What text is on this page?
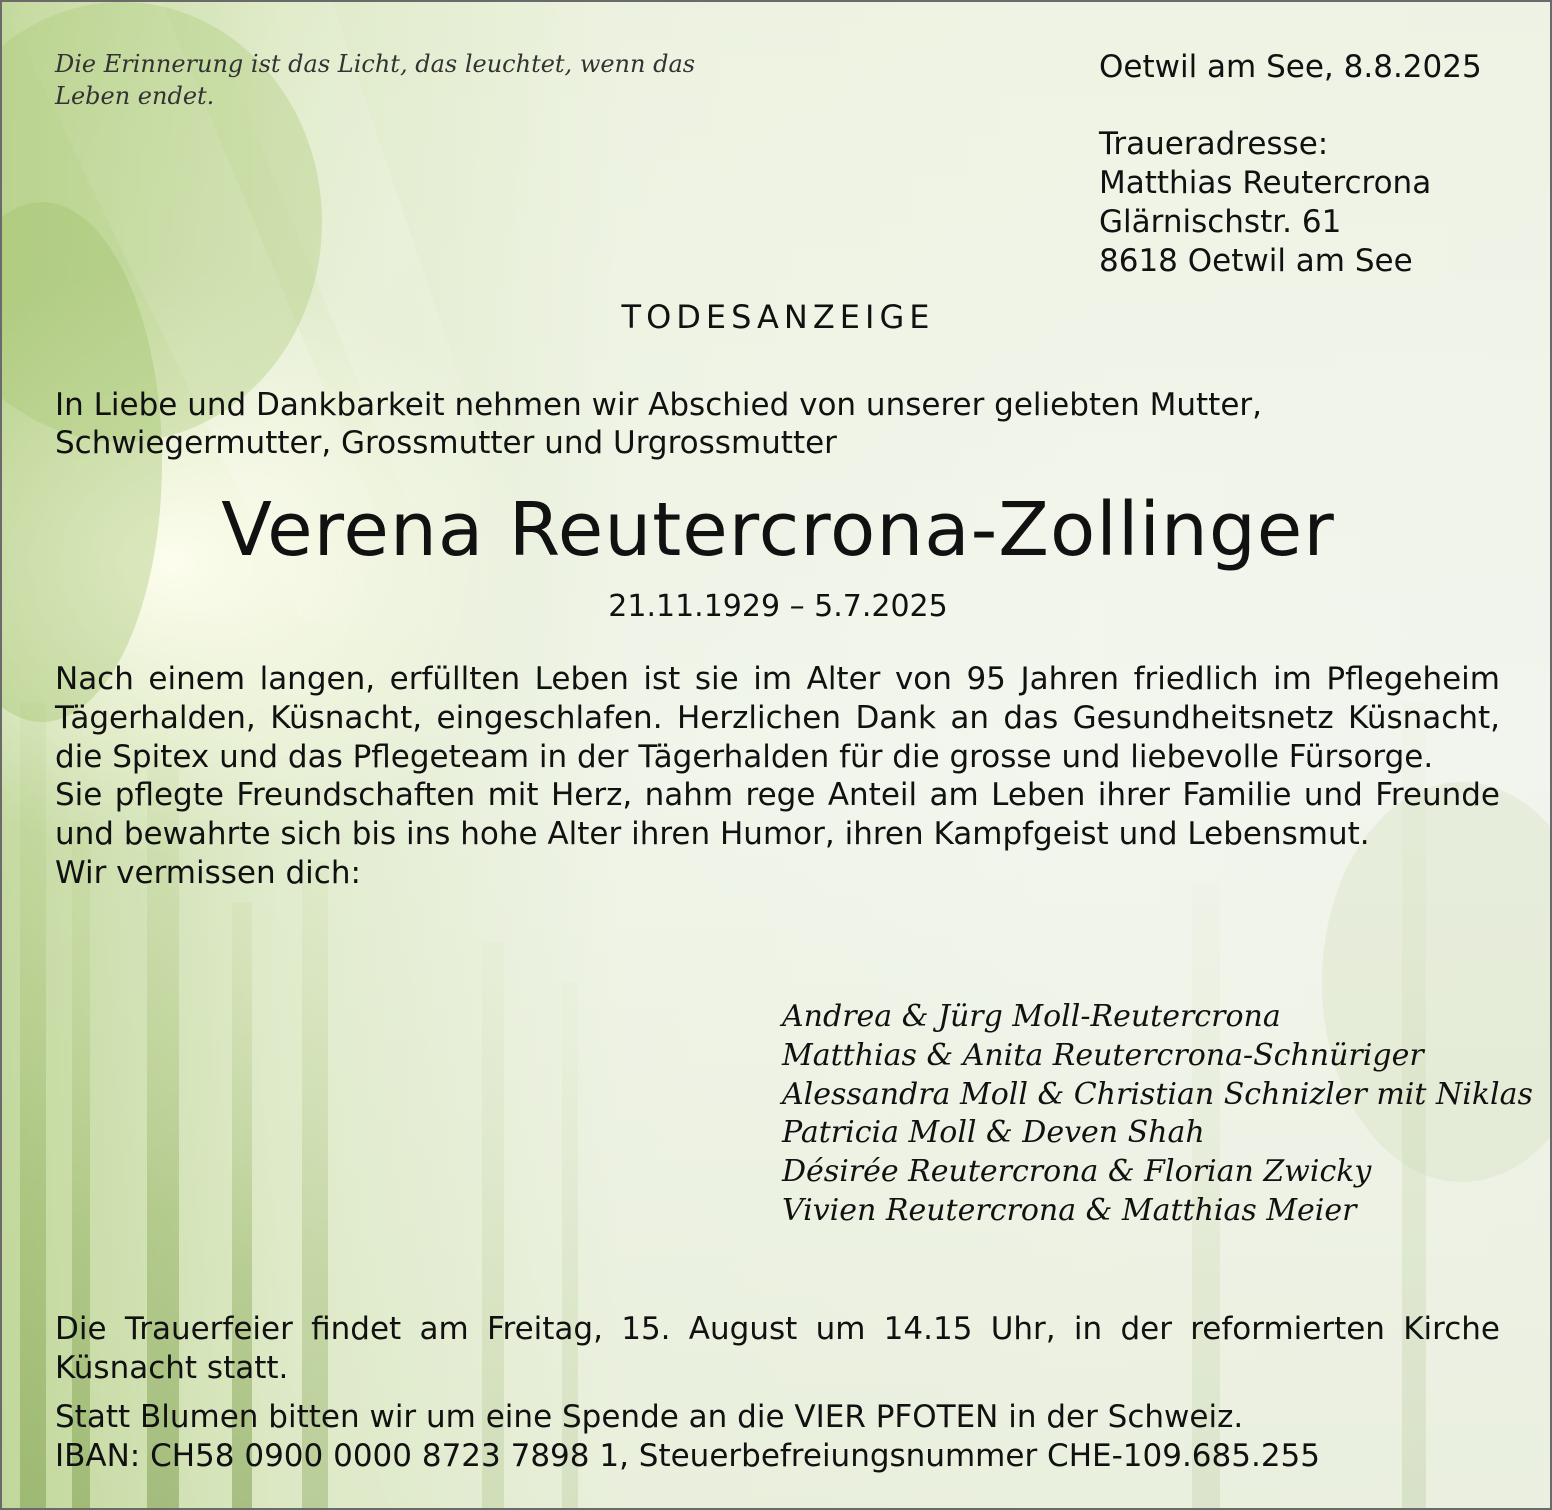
Die Erinnerung ist das Licht, das leuchtet, wenn das Leben endet.
Oetwil am See, 8.8.2025
Traueradresse:
Matthias Reutercrona
Glärnischstr. 61
8618 Oetwil am See
TODESANZEIGE
In Liebe und Dankbarkeit nehmen wir Abschied von unserer geliebten Mutter, Schwiegermutter, Grossmutter und Urgrossmutter
Verena Reutercrona-Zollinger
21.11.1929 – 5.7.2025

Nach einem langen, erfüllten Leben ist sie im Alter von 95 Jahren friedlich im Pflegeheim Tägerhalden, Küsnacht, eingeschlafen. Herzlichen Dank an das Gesundheitsnetz Küsnacht, die Spitex und das Pflegeteam in der Tägerhalden für die grosse und liebevolle Fürsorge.

Sie pflegte Freundschaften mit Herz, nahm rege Anteil am Leben ihrer Familie und Freunde und bewahrte sich bis ins hohe Alter ihren Humor, ihren Kampfgeist und Lebensmut.

Wir vermissen dich:

Andrea & Jürg Moll-Reutercrona
Matthias & Anita Reutercrona-Schnüriger
Alessandra Moll & Christian Schnizler mit Niklas
Patricia Moll & Deven Shah
Désirée Reutercrona & Florian Zwicky
Vivien Reutercrona & Matthias Meier
Die Trauerfeier findet am Freitag, 15. August um 14.15 Uhr, in der reformierten Kirche Küsnacht statt.
Statt Blumen bitten wir um eine Spende an die VIER PFOTEN in der Schweiz.
IBAN: CH58 0900 0000 8723 7898 1, Steuerbefreiungsnummer CHE-109.685.255
